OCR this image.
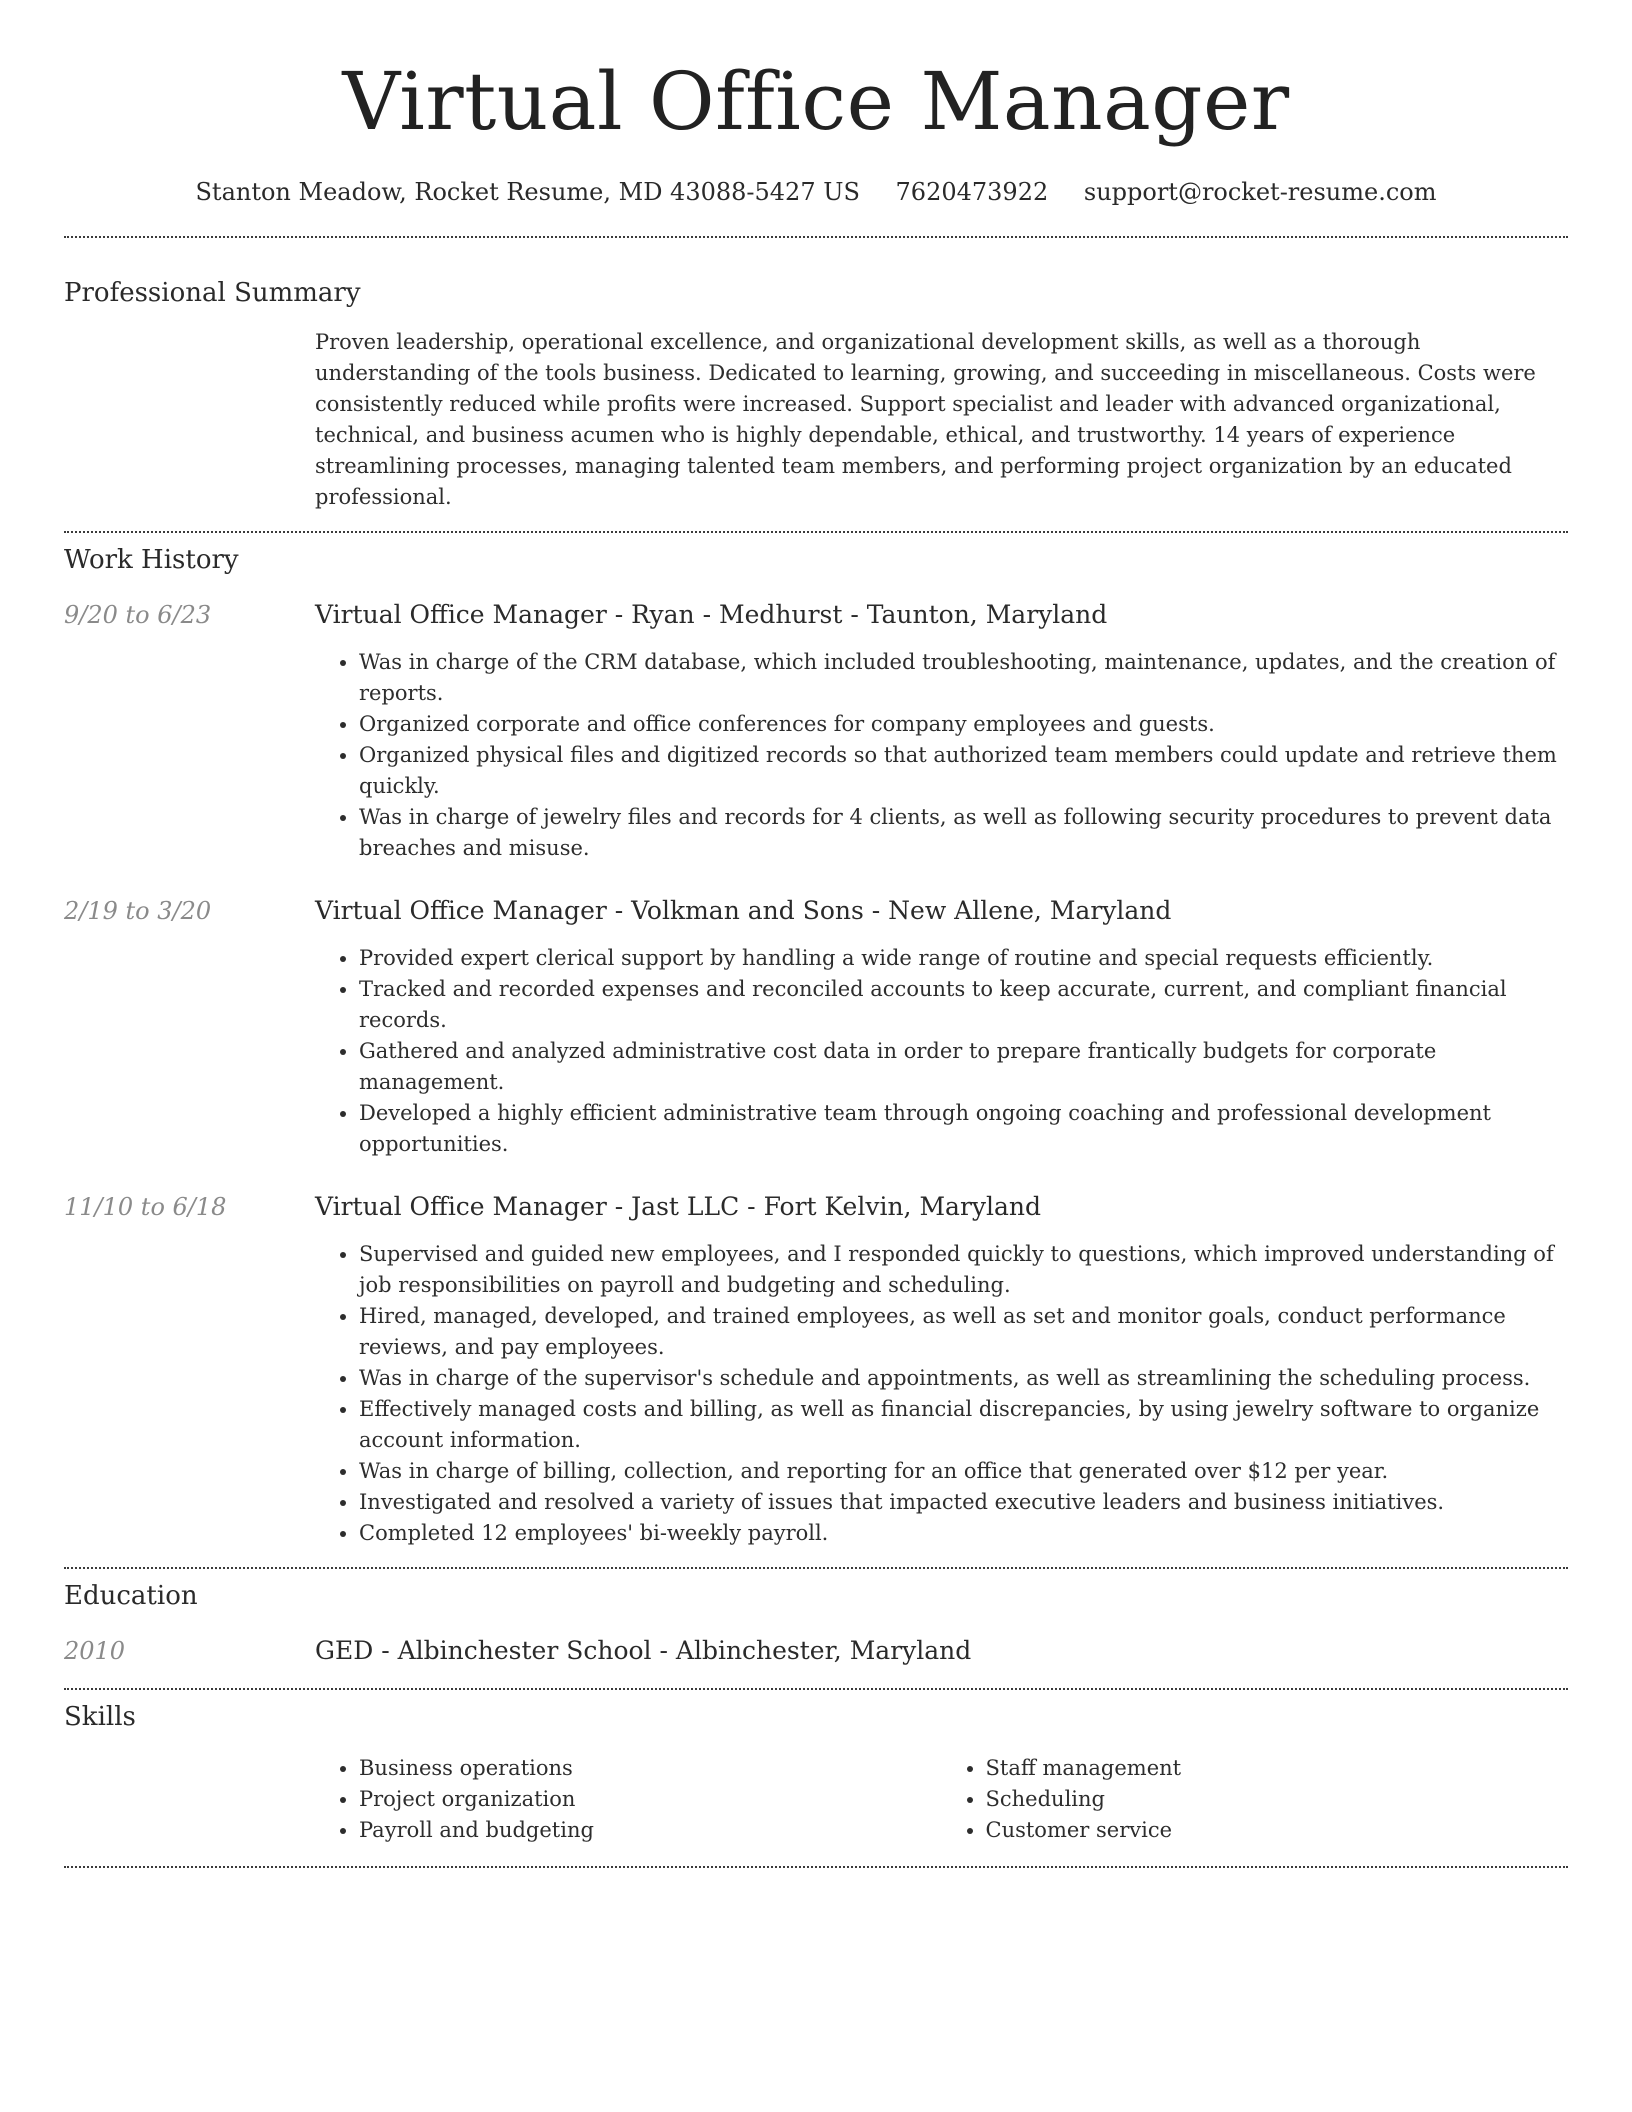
Virtual Office Manager
Stanton Meadow, Rocket Resume, MD 43088-5427 US 7620473922 support@rocket-resume.com
Professional Summary
Proven leadership, operational excellence, and organizational development skills, as well as a thorough understanding of the tools business. Dedicated to learning, growing, and succeeding in miscellaneous. Costs were consistently reduced while profits were increased. Support specialist and leader with advanced organizational, technical, and business acumen who is highly dependable, ethical, and trustworthy. 14 years of experience streamlining processes, managing talented team members, and performing project organization by an educated professional.
Work History
9/20 to 6/23	Virtual Office Manager - Ryan - Medhurst - Taunton, Maryland
• Was in charge of the CRM database, which included troubleshooting, maintenance, updates, and the creation of reports.
• Organized corporate and office conferences for company employees and guests.
• Organized physical files and digitized records so that authorized team members could update and retrieve them quickly.
• Was in charge of jewelry files and records for 4 clients, as well as following security procedures to prevent data breaches and misuse.
2/19 to 3/20	Virtual Office Manager - Volkman and Sons - New Allene, Maryland
• Provided expert clerical support by handling a wide range of routine and special requests efficiently.
• Tracked and recorded expenses and reconciled accounts to keep accurate, current, and compliant financial records.
• Gathered and analyzed administrative cost data in order to prepare frantically budgets for corporate management.
• Developed a highly efficient administrative team through ongoing coaching and professional development opportunities.
11/10 to 6/18	Virtual Office Manager - Jast LLC - Fort Kelvin, Maryland
• Supervised and guided new employees, and I responded quickly to questions, which improved understanding of job responsibilities on payroll and budgeting and scheduling.
• Hired, managed, developed, and trained employees, as well as set and monitor goals, conduct performance reviews, and pay employees.
• Was in charge of the supervisor's schedule and appointments, as well as streamlining the scheduling process.
• Effectively managed costs and billing, as well as financial discrepancies, by using jewelry software to organize account information.
• Was in charge of billing, collection, and reporting for an office that generated over $12 per year.
• Investigated and resolved a variety of issues that impacted executive leaders and business initiatives.
• Completed 12 employees' bi-weekly payroll.
Education
2010	GED - Albinchester School - Albinchester, Maryland
Skills
• Business operations
• Project organization
• Payroll and budgeting
• Staff management
• Scheduling
• Customer service
